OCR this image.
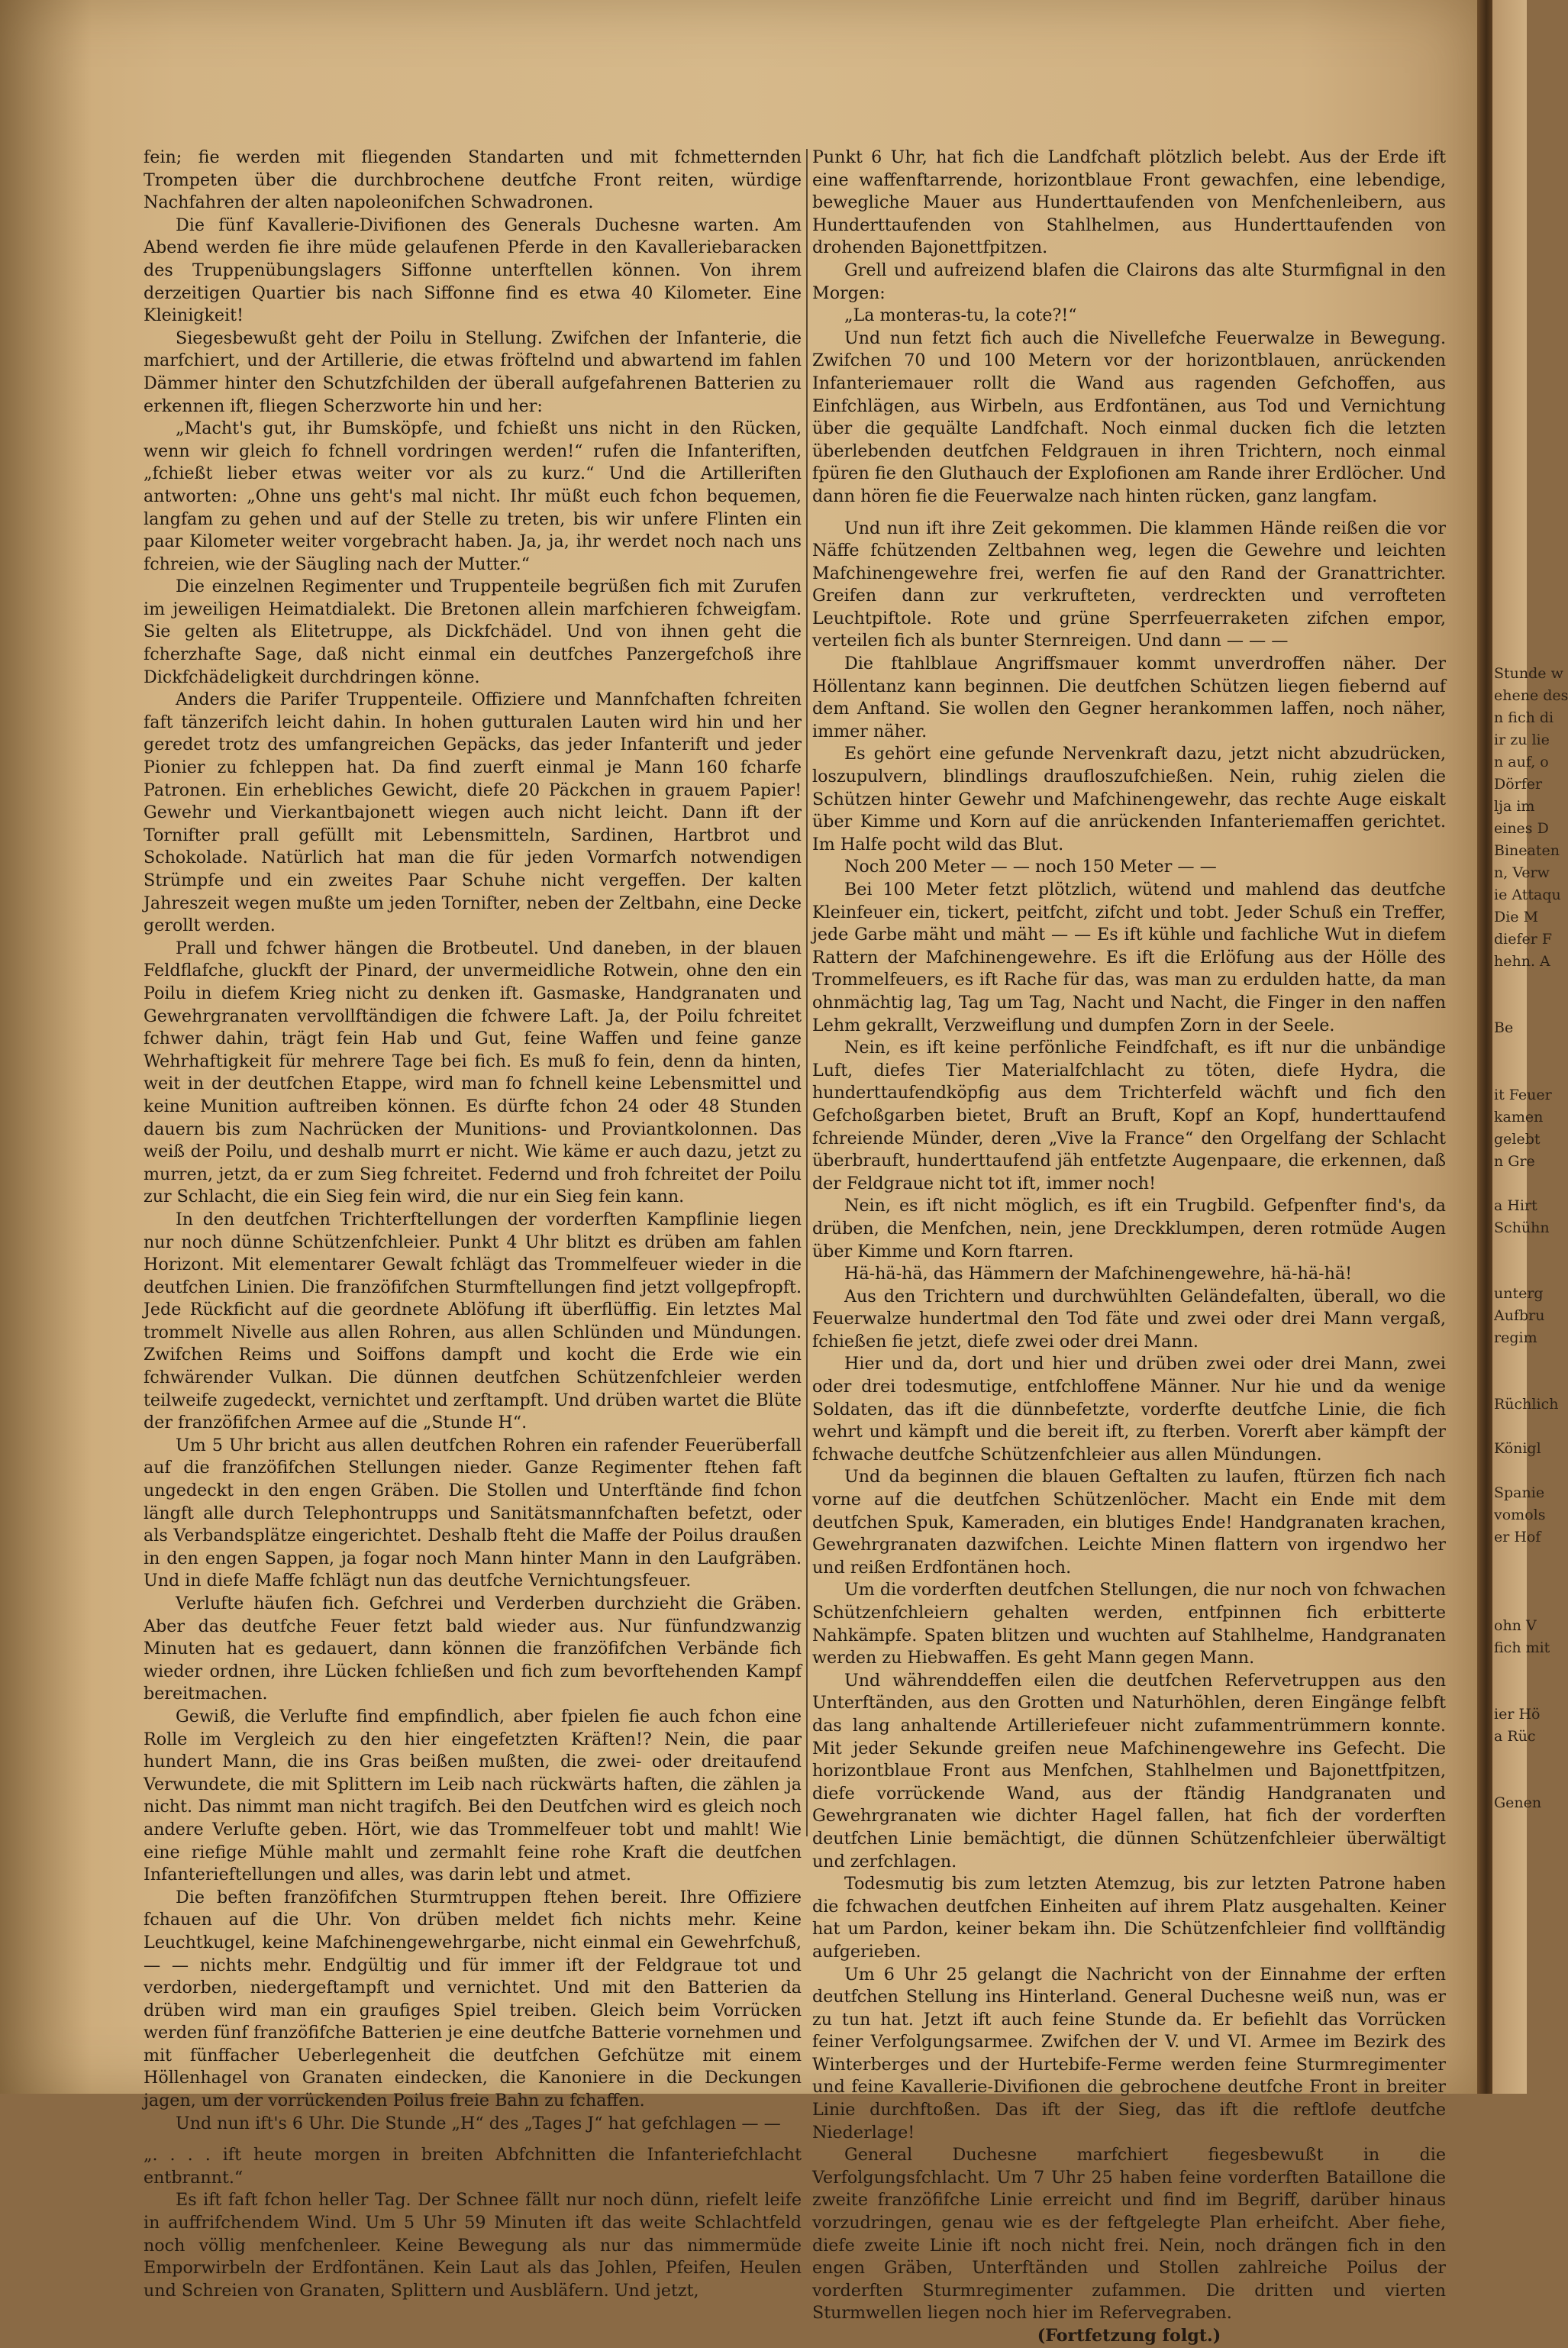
fein; fie werden mit fliegenden Standarten und mit fchmetternden Trompeten über die durchbrochene deutfche Front reiten, würdige Nachfahren der alten napoleonifchen Schwadronen.

Die fünf Kavallerie-Divifionen des Generals Duchesne warten. Am Abend werden fie ihre müde gelaufenen Pferde in den Kavalleriebaracken des Truppenübungslagers Siffonne unterftellen können. Von ihrem derzeitigen Quartier bis nach Siffonne find es etwa 40 Kilometer. Eine Kleinigkeit!

Siegesbewußt geht der Poilu in Stellung. Zwifchen der Infanterie, die marfchiert, und der Artillerie, die etwas fröftelnd und abwartend im fahlen Dämmer hinter den Schutzfchilden der überall aufgefahrenen Batterien zu erkennen ift, fliegen Scherzworte hin und her:

„Macht's gut, ihr Bumsköpfe, und fchießt uns nicht in den Rücken, wenn wir gleich fo fchnell vordringen werden!“ rufen die Infanteriften, „fchießt lieber etwas weiter vor als zu kurz.“ Und die Artilleriften antworten: „Ohne uns geht's mal nicht. Ihr müßt euch fchon bequemen, langfam zu gehen und auf der Stelle zu treten, bis wir unfere Flinten ein paar Kilometer weiter vorgebracht haben. Ja, ja, ihr werdet noch nach uns fchreien, wie der Säugling nach der Mutter.“

Die einzelnen Regimenter und Truppenteile begrüßen fich mit Zurufen im jeweiligen Heimatdialekt. Die Bretonen allein marfchieren fchweigfam. Sie gelten als Elitetruppe, als Dickfchädel. Und von ihnen geht die fcherzhafte Sage, daß nicht einmal ein deutfches Panzergefchoß ihre Dickfchädeligkeit durchdringen könne.

Anders die Parifer Truppenteile. Offiziere und Mannfchaften fchreiten faft tänzerifch leicht dahin. In hohen gutturalen Lauten wird hin und her geredet trotz des umfangreichen Gepäcks, das jeder Infanterift und jeder Pionier zu fchleppen hat. Da find zuerft einmal je Mann 160 fcharfe Patronen. Ein erhebliches Gewicht, diefe 20 Päckchen in grauem Papier! Gewehr und Vierkantbajonett wiegen auch nicht leicht. Dann ift der Tornifter prall gefüllt mit Lebensmitteln, Sardinen, Hartbrot und Schokolade. Natürlich hat man die für jeden Vormarfch notwendigen Strümpfe und ein zweites Paar Schuhe nicht vergeffen. Der kalten Jahreszeit wegen mußte um jeden Tornifter, neben der Zeltbahn, eine Decke gerollt werden.

Prall und fchwer hängen die Brotbeutel. Und daneben, in der blauen Feldflafche, gluckft der Pinard, der unvermeidliche Rotwein, ohne den ein Poilu in diefem Krieg nicht zu denken ift. Gasmaske, Handgranaten und Gewehrgranaten vervollftändigen die fchwere Laft. Ja, der Poilu fchreitet fchwer dahin, trägt fein Hab und Gut, feine Waffen und feine ganze Wehrhaftigkeit für mehrere Tage bei fich. Es muß fo fein, denn da hinten, weit in der deutfchen Etappe, wird man fo fchnell keine Lebensmittel und keine Munition auftreiben können. Es dürfte fchon 24 oder 48 Stunden dauern bis zum Nachrücken der Munitions- und Proviantkolonnen. Das weiß der Poilu, und deshalb murrt er nicht. Wie käme er auch dazu, jetzt zu murren, jetzt, da er zum Sieg fchreitet. Federnd und froh fchreitet der Poilu zur Schlacht, die ein Sieg fein wird, die nur ein Sieg fein kann.

In den deutfchen Trichterftellungen der vorderften Kampflinie liegen nur noch dünne Schützenfchleier. Punkt 4 Uhr blitzt es drüben am fahlen Horizont. Mit elementarer Gewalt fchlägt das Trommelfeuer wieder in die deutfchen Linien. Die franzöfifchen Sturmftellungen find jetzt vollgepfropft. Jede Rückficht auf die geordnete Ablöfung ift überflüffig. Ein letztes Mal trommelt Nivelle aus allen Rohren, aus allen Schlünden und Mündungen. Zwifchen Reims und Soiffons dampft und kocht die Erde wie ein fchwärender Vulkan. Die dünnen deutfchen Schützenfchleier werden teilweife zugedeckt, vernichtet und zerftampft. Und drüben wartet die Blüte der franzöfifchen Armee auf die „Stunde H“.

Um 5 Uhr bricht aus allen deutfchen Rohren ein rafender Feuerüberfall auf die franzöfifchen Stellungen nieder. Ganze Regimenter ftehen faft ungedeckt in den engen Gräben. Die Stollen und Unterftände find fchon längft alle durch Telephontrupps und Sanitätsmannfchaften befetzt, oder als Verbandsplätze eingerichtet. Deshalb fteht die Maffe der Poilus draußen in den engen Sappen, ja fogar noch Mann hinter Mann in den Laufgräben. Und in diefe Maffe fchlägt nun das deutfche Vernichtungsfeuer.

Verlufte häufen fich. Gefchrei und Verderben durchzieht die Gräben. Aber das deutfche Feuer fetzt bald wieder aus. Nur fünfundzwanzig Minuten hat es gedauert, dann können die franzöfifchen Verbände fich wieder ordnen, ihre Lücken fchließen und fich zum bevorftehenden Kampf bereitmachen.

Gewiß, die Verlufte find empfindlich, aber fpielen fie auch fchon eine Rolle im Vergleich zu den hier eingefetzten Kräften!? Nein, die paar hundert Mann, die ins Gras beißen mußten, die zwei- oder dreitaufend Verwundete, die mit Splittern im Leib nach rückwärts haften, die zählen ja nicht. Das nimmt man nicht tragifch. Bei den Deutfchen wird es gleich noch andere Verlufte geben. Hört, wie das Trommelfeuer tobt und mahlt! Wie eine riefige Mühle mahlt und zermahlt feine rohe Kraft die deutfchen Infanterieftellungen und alles, was darin lebt und atmet.

Die beften franzöfifchen Sturmtruppen ftehen bereit. Ihre Offiziere fchauen auf die Uhr. Von drüben meldet fich nichts mehr. Keine Leuchtkugel, keine Mafchinengewehrgarbe, nicht einmal ein Gewehrfchuß, — — nichts mehr. Endgültig und für immer ift der Feldgraue tot und verdorben, niedergeftampft und vernichtet. Und mit den Batterien da drüben wird man ein graufiges Spiel treiben. Gleich beim Vorrücken werden fünf franzöfifche Batterien je eine deutfche Batterie vornehmen und mit fünffacher Ueberlegenheit die deutfchen Gefchütze mit einem Höllenhagel von Granaten eindecken, die Kanoniere in die Deckungen jagen, um der vorrückenden Poilus freie Bahn zu fchaffen.

Und nun ift's 6 Uhr. Die Stunde „H“ des „Tages J“ hat gefchlagen — —

„. . . . ift heute morgen in breiten Abfchnitten die Infanteriefchlacht entbrannt.“

Es ift faft fchon heller Tag. Der Schnee fällt nur noch dünn, riefelt leife in auffrifchendem Wind. Um 5 Uhr 59 Minuten ift das weite Schlachtfeld noch völlig menfchenleer. Keine Bewegung als nur das nimmermüde Emporwirbeln der Erdfontänen. Kein Laut als das Johlen, Pfeifen, Heulen und Schreien von Granaten, Splittern und Ausbläfern. Und jetzt,

Punkt 6 Uhr, hat fich die Landfchaft plötzlich belebt. Aus der Erde ift eine waffenftarrende, horizontblaue Front gewachfen, eine lebendige, bewegliche Mauer aus Hunderttaufenden von Menfchenleibern, aus Hunderttaufenden von Stahlhelmen, aus Hunderttaufenden von drohenden Bajonettfpitzen.

Grell und aufreizend blafen die Clairons das alte Sturmfignal in den Morgen:

„La monteras-tu, la cote?!“

Und nun fetzt fich auch die Nivellefche Feuerwalze in Bewegung. Zwifchen 70 und 100 Metern vor der horizontblauen, anrückenden Infanteriemauer rollt die Wand aus ragenden Gefchoffen, aus Einfchlägen, aus Wirbeln, aus Erdfontänen, aus Tod und Vernichtung über die gequälte Landfchaft. Noch einmal ducken fich die letzten überlebenden deutfchen Feldgrauen in ihren Trichtern, noch einmal fpüren fie den Gluthauch der Explofionen am Rande ihrer Erdlöcher. Und dann hören fie die Feuerwalze nach hinten rücken, ganz langfam.

Und nun ift ihre Zeit gekommen. Die klammen Hände reißen die vor Näffe fchützenden Zeltbahnen weg, legen die Gewehre und leichten Mafchinengewehre frei, werfen fie auf den Rand der Granattrichter. Greifen dann zur verkrufteten, verdreckten und verrofteten Leuchtpiftole. Rote und grüne Sperrfeuerraketen zifchen empor, verteilen fich als bunter Sternreigen. Und dann — — —

Die ftahlblaue Angriffsmauer kommt unverdroffen näher. Der Höllentanz kann beginnen. Die deutfchen Schützen liegen fiebernd auf dem Anftand. Sie wollen den Gegner herankommen laffen, noch näher, immer näher.

Es gehört eine gefunde Nervenkraft dazu, jetzt nicht abzudrücken, loszupulvern, blindlings draufloszufchießen. Nein, ruhig zielen die Schützen hinter Gewehr und Mafchinengewehr, das rechte Auge eiskalt über Kimme und Korn auf die anrückenden Infanteriemaffen gerichtet. Im Halfe pocht wild das Blut.

Noch 200 Meter — — noch 150 Meter — —

Bei 100 Meter fetzt plötzlich, wütend und mahlend das deutfche Kleinfeuer ein, tickert, peitfcht, zifcht und tobt. Jeder Schuß ein Treffer, jede Garbe mäht und mäht — — Es ift kühle und fachliche Wut in diefem Rattern der Mafchinengewehre. Es ift die Erlöfung aus der Hölle des Trommelfeuers, es ift Rache für das, was man zu erdulden hatte, da man ohnmächtig lag, Tag um Tag, Nacht und Nacht, die Finger in den naffen Lehm gekrallt, Verzweiflung und dumpfen Zorn in der Seele.

Nein, es ift keine perfönliche Feindfchaft, es ift nur die unbändige Luft, diefes Tier Materialfchlacht zu töten, diefe Hydra, die hunderttaufendköpfig aus dem Trichterfeld wächft und fich den Gefchoßgarben bietet, Bruft an Bruft, Kopf an Kopf, hunderttaufend fchreiende Münder, deren „Vive la France“ den Orgelfang der Schlacht überbrauft, hunderttaufend jäh entfetzte Augenpaare, die erkennen, daß der Feldgraue nicht tot ift, immer noch!

Nein, es ift nicht möglich, es ift ein Trugbild. Gefpenfter find's, da drüben, die Menfchen, nein, jene Dreckklumpen, deren rotmüde Augen über Kimme und Korn ftarren.

Hä-hä-hä, das Hämmern der Mafchinengewehre, hä-hä-hä!

Aus den Trichtern und durchwühlten Geländefalten, überall, wo die Feuerwalze hundertmal den Tod fäte und zwei oder drei Mann vergaß, fchießen fie jetzt, diefe zwei oder drei Mann.

Hier und da, dort und hier und drüben zwei oder drei Mann, zwei oder drei todesmutige, entfchloffene Männer. Nur hie und da wenige Soldaten, das ift die dünnbefetzte, vorderfte deutfche Linie, die fich wehrt und kämpft und die bereit ift, zu fterben. Vorerft aber kämpft der fchwache deutfche Schützenfchleier aus allen Mündungen.

Und da beginnen die blauen Geftalten zu laufen, ftürzen fich nach vorne auf die deutfchen Schützenlöcher. Macht ein Ende mit dem deutfchen Spuk, Kameraden, ein blutiges Ende! Handgranaten krachen, Gewehrgranaten dazwifchen. Leichte Minen flattern von irgendwo her und reißen Erdfontänen hoch.

Um die vorderften deutfchen Stellungen, die nur noch von fchwachen Schützenfchleiern gehalten werden, entfpinnen fich erbitterte Nahkämpfe. Spaten blitzen und wuchten auf Stahlhelme, Handgranaten werden zu Hiebwaffen. Es geht Mann gegen Mann.

Und währenddeffen eilen die deutfchen Refervetruppen aus den Unterftänden, aus den Grotten und Naturhöhlen, deren Eingänge felbft das lang anhaltende Artilleriefeuer nicht zufammentrümmern konnte. Mit jeder Sekunde greifen neue Mafchinengewehre ins Gefecht. Die horizontblaue Front aus Menfchen, Stahlhelmen und Bajonettfpitzen, diefe vorrückende Wand, aus der ftändig Handgranaten und Gewehrgranaten wie dichter Hagel fallen, hat fich der vorderften deutfchen Linie bemächtigt, die dünnen Schützenfchleier überwältigt und zerfchlagen.

Todesmutig bis zum letzten Atemzug, bis zur letzten Patrone haben die fchwachen deutfchen Einheiten auf ihrem Platz ausgehalten. Keiner hat um Pardon, keiner bekam ihn. Die Schützenfchleier find vollftändig aufgerieben.

Um 6 Uhr 25 gelangt die Nachricht von der Einnahme der erften deutfchen Stellung ins Hinterland. General Duchesne weiß nun, was er zu tun hat. Jetzt ift auch feine Stunde da. Er befiehlt das Vorrücken feiner Verfolgungsarmee. Zwifchen der V. und VI. Armee im Bezirk des Winterberges und der Hurtebife-Ferme werden feine Sturmregimenter und feine Kavallerie-Divifionen die gebrochene deutfche Front in breiter Linie durchftoßen. Das ift der Sieg, das ift die reftlofe deutfche Niederlage!

General Duchesne marfchiert fiegesbewußt in die Verfolgungsfchlacht. Um 7 Uhr 25 haben feine vorderften Bataillone die zweite franzöfifche Linie erreicht und find im Begriff, darüber hinaus vorzudringen, genau wie es der feftgelegte Plan erheifcht. Aber fiehe, diefe zweite Linie ift noch nicht frei. Nein, noch drängen fich in den engen Gräben, Unterftänden und Stollen zahlreiche Poilus der vorderften Sturmregimenter zufammen. Die dritten und vierten Sturmwellen liegen noch hier im Refervegraben.

(Fortfetzung folgt.)

Stunde w
ehene des
n fich di
ir zu lie
n auf, o
Dörfer
lja im
eines D
Bineaten
n, Verw
ie Attaqu
Die M
diefer F
hehn. A
Be
it Feuer
kamen
gelebt
n Gre
a Hirt
Schühn
unterg
Aufbru
regim
Rüchlich
Königl
Spanie
vomols
er Hof
ohn V
fich mit
ier Hö
a Rüc
Genen
